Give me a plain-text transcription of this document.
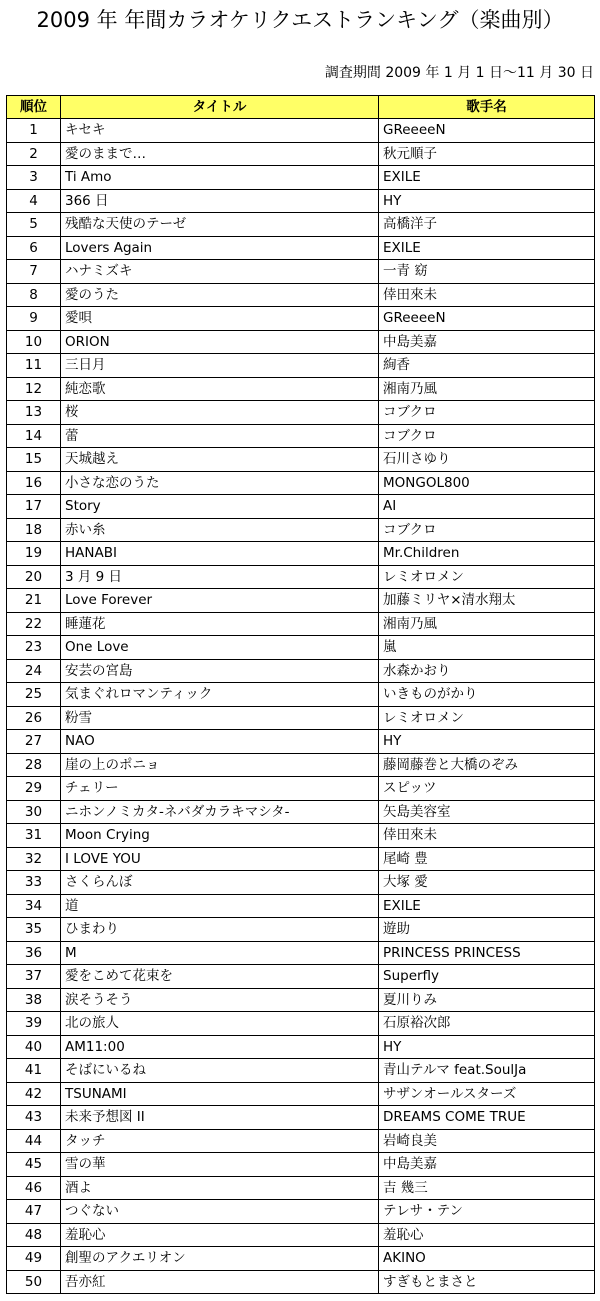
2009 年 年間カラオケリクエストランキング（楽曲別）
調査期間 2009 年 1 月 1 日～11 月 30 日
順位	タイトル	歌手名
1	キセキ	GReeeeN
2	愛のままで…	秋元順子
3	Ti Amo	EXILE
4	366 日	HY
5	残酷な天使のテーゼ	高橋洋子
6	Lovers Again	EXILE
7	ハナミズキ	一青 窈
8	愛のうた	倖田來未
9	愛唄	GReeeeN
10	ORION	中島美嘉
11	三日月	絢香
12	純恋歌	湘南乃風
13	桜	コブクロ
14	蕾	コブクロ
15	天城越え	石川さゆり
16	小さな恋のうた	MONGOL800
17	Story	AI
18	赤い糸	コブクロ
19	HANABI	Mr.Children
20	3 月 9 日	レミオロメン
21	Love Forever	加藤ミリヤ×清水翔太
22	睡蓮花	湘南乃風
23	One Love	嵐
24	安芸の宮島	水森かおり
25	気まぐれロマンティック	いきものがかり
26	粉雪	レミオロメン
27	NAO	HY
28	崖の上のポニョ	藤岡藤巻と大橋のぞみ
29	チェリー	スピッツ
30	ニホンノミカタ-ネバダカラキマシタ-	矢島美容室
31	Moon Crying	倖田來未
32	I LOVE YOU	尾崎 豊
33	さくらんぼ	大塚 愛
34	道	EXILE
35	ひまわり	遊助
36	M	PRINCESS PRINCESS
37	愛をこめて花束を	Superfly
38	涙そうそう	夏川りみ
39	北の旅人	石原裕次郎
40	AM11:00	HY
41	そばにいるね	青山テルマ feat.SoulJa
42	TSUNAMI	サザンオールスターズ
43	未来予想図 II	DREAMS COME TRUE
44	タッチ	岩崎良美
45	雪の華	中島美嘉
46	酒よ	吉 幾三
47	つぐない	テレサ・テン
48	羞恥心	羞恥心
49	創聖のアクエリオン	AKINO
50	吾亦紅	すぎもとまさと
